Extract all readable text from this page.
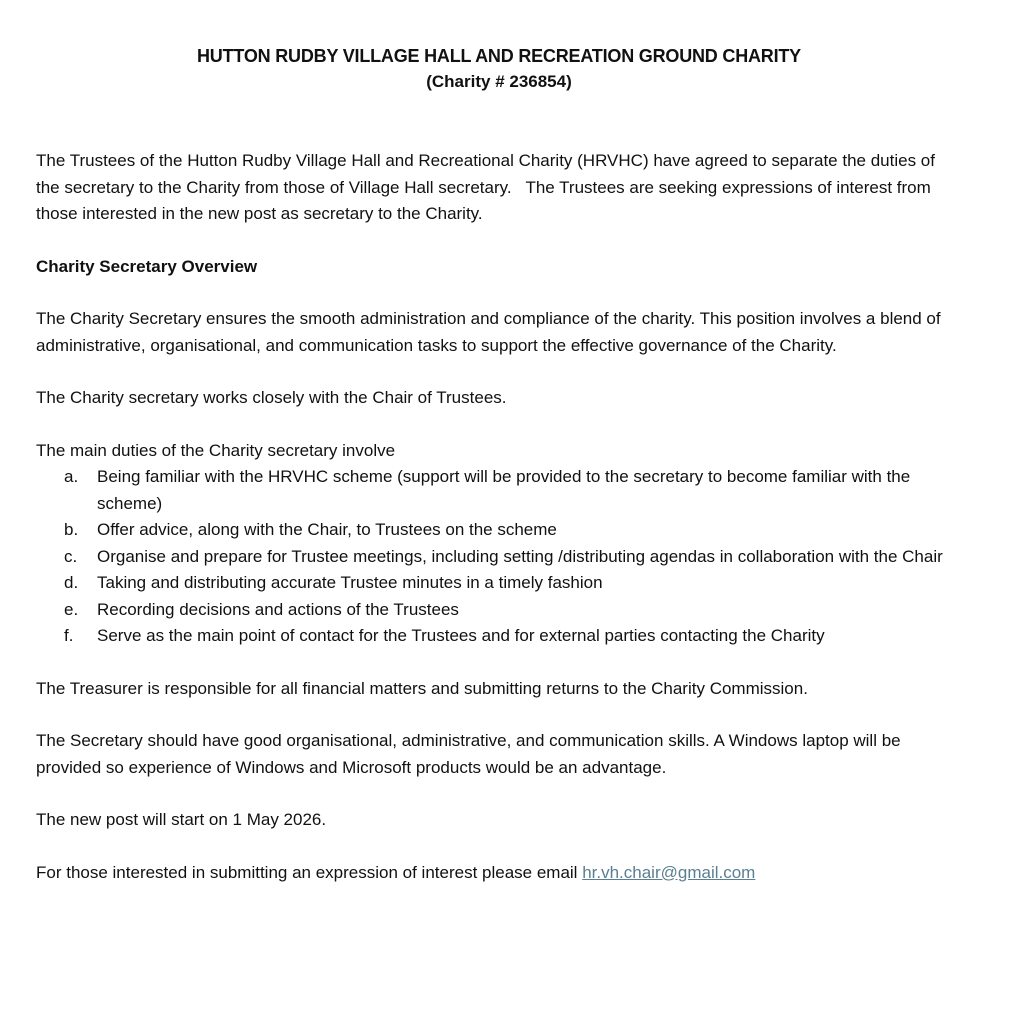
HUTTON RUDBY VILLAGE HALL AND RECREATION GROUND CHARITY
(Charity # 236854)

The Trustees of the Hutton Rudby Village Hall and Recreational Charity (HRVHC) have agreed to separate the duties of the secretary to the Charity from those of Village Hall secretary.   The Trustees are seeking expressions of interest from those interested in the new post as secretary to the Charity.

Charity Secretary Overview

The Charity Secretary ensures the smooth administration and compliance of the charity. This position involves a blend of administrative, organisational, and communication tasks to support the effective governance of the Charity.

The Charity secretary works closely with the Chair of Trustees.

The main duties of the Charity secretary involve

a.	Being familiar with the HRVHC scheme (support will be provided to the secretary to become familiar with the scheme)
b.	Offer advice, along with the Chair, to Trustees on the scheme
c.	Organise and prepare for Trustee meetings, including setting /distributing agendas in collaboration with the Chair
d.	Taking and distributing accurate Trustee minutes in a timely fashion
e.	Recording decisions and actions of the Trustees
f.	Serve as the main point of contact for the Trustees and for external parties contacting the Charity

The Treasurer is responsible for all financial matters and submitting returns to the Charity Commission.

The Secretary should have good organisational, administrative, and communication skills. A Windows laptop will be provided so experience of Windows and Microsoft products would be an advantage.

The new post will start on 1 May 2026.

For those interested in submitting an expression of interest please email hr.vh.chair@gmail.com
